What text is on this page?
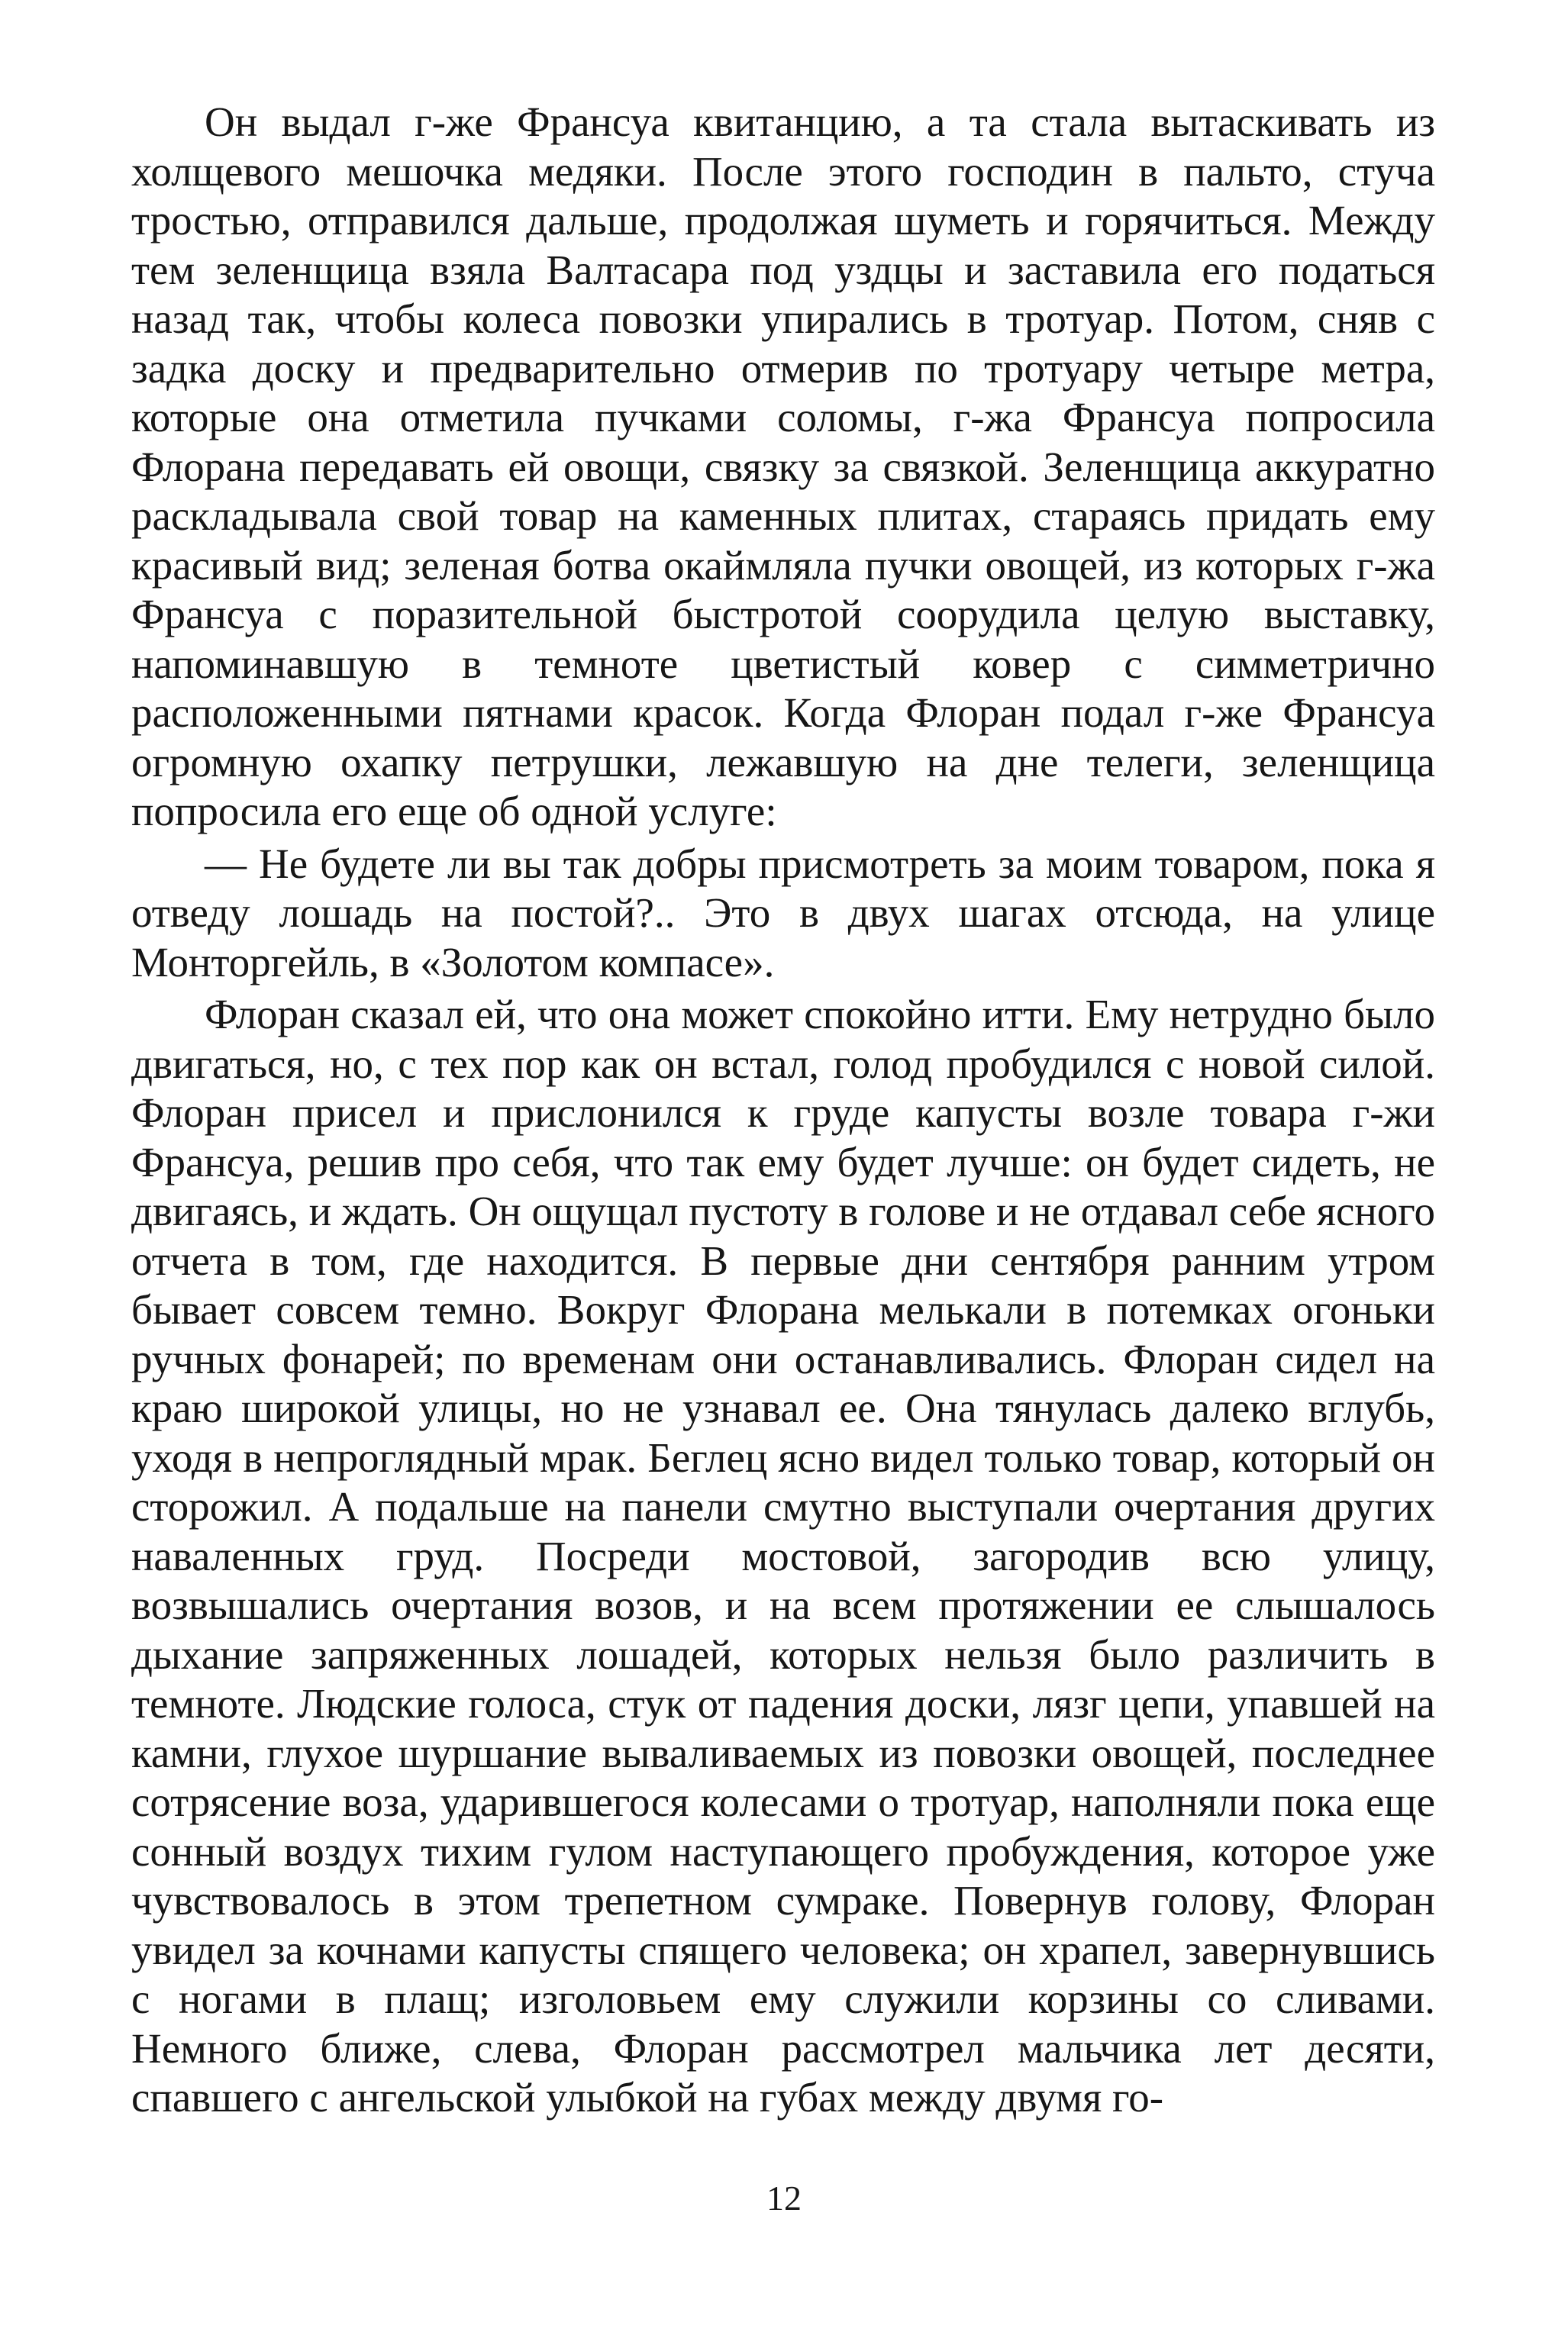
Он выдал г-же Франсуа квитанцию, а та стала вытаскивать из холщевого мешочка медяки. После этого господин в пальто, стуча тростью, отправился дальше, продолжая шуметь и горячиться. Между тем зеленщица взяла Валтасара под уздцы и заставила его податься назад так, чтобы колеса повозки упирались в тротуар. Потом, сняв с задка доску и предварительно отмерив по тротуару четыре метра, которые она отметила пучками соломы, г-жа Франсуа попросила Флорана передавать ей овощи, связку за связкой. Зеленщица аккуратно раскладывала свой товар на каменных плитах, стараясь придать ему красивый вид; зеленая ботва окаймляла пучки овощей, из которых г-жа Франсуа с поразительной быстротой соорудила целую выставку, напоминавшую в темноте цветистый ковер с симметрично расположенными пятнами красок. Когда Флоран подал г-же Франсуа огромную охапку петрушки, лежавшую на дне телеги, зеленщица попросила его еще об одной услуге:

— Не будете ли вы так добры присмотреть за моим товаром, пока я отведу лошадь на постой?.. Это в двух шагах отсюда, на улице Монторгейль, в «Золотом компасе».

Флоран сказал ей, что она может спокойно итти. Ему нетрудно было двигаться, но, с тех пор как он встал, голод пробудился с новой силой. Флоран присел и прислонился к груде капусты возле товара г-жи Франсуа, решив про себя, что так ему будет лучше: он будет сидеть, не двигаясь, и ждать. Он ощущал пустоту в голове и не отдавал себе ясного отчета в том, где находится. В первые дни сентября ранним утром бывает совсем темно. Вокруг Флорана мелькали в потемках огоньки ручных фонарей; по временам они останавливались. Флоран сидел на краю широкой улицы, но не узнавал ее. Она тянулась далеко вглубь, уходя в непроглядный мрак. Беглец ясно видел только товар, который он сторожил. А подальше на панели смутно выступали очертания других наваленных груд. Посреди мостовой, загородив всю улицу, возвышались очертания возов, и на всем протяжении ее слышалось дыхание запряженных лошадей, которых нельзя было различить в темноте. Людские голоса, стук от падения доски, лязг цепи, упавшей на камни, глухое шуршание вываливаемых из повозки овощей, последнее сотрясение воза, ударившегося колесами о тротуар, наполняли пока еще сонный воздух тихим гулом наступающего пробуждения, которое уже чувствовалось в этом трепетном сумраке. Повернув голову, Флоран увидел за кочнами капусты спящего человека; он храпел, завернувшись с ногами в плащ; изголовьем ему служили корзины со сливами. Немного ближе, слева, Флоран рассмотрел мальчика лет десяти, спавшего с ангельской улыбкой на губах между двумя го-

12
